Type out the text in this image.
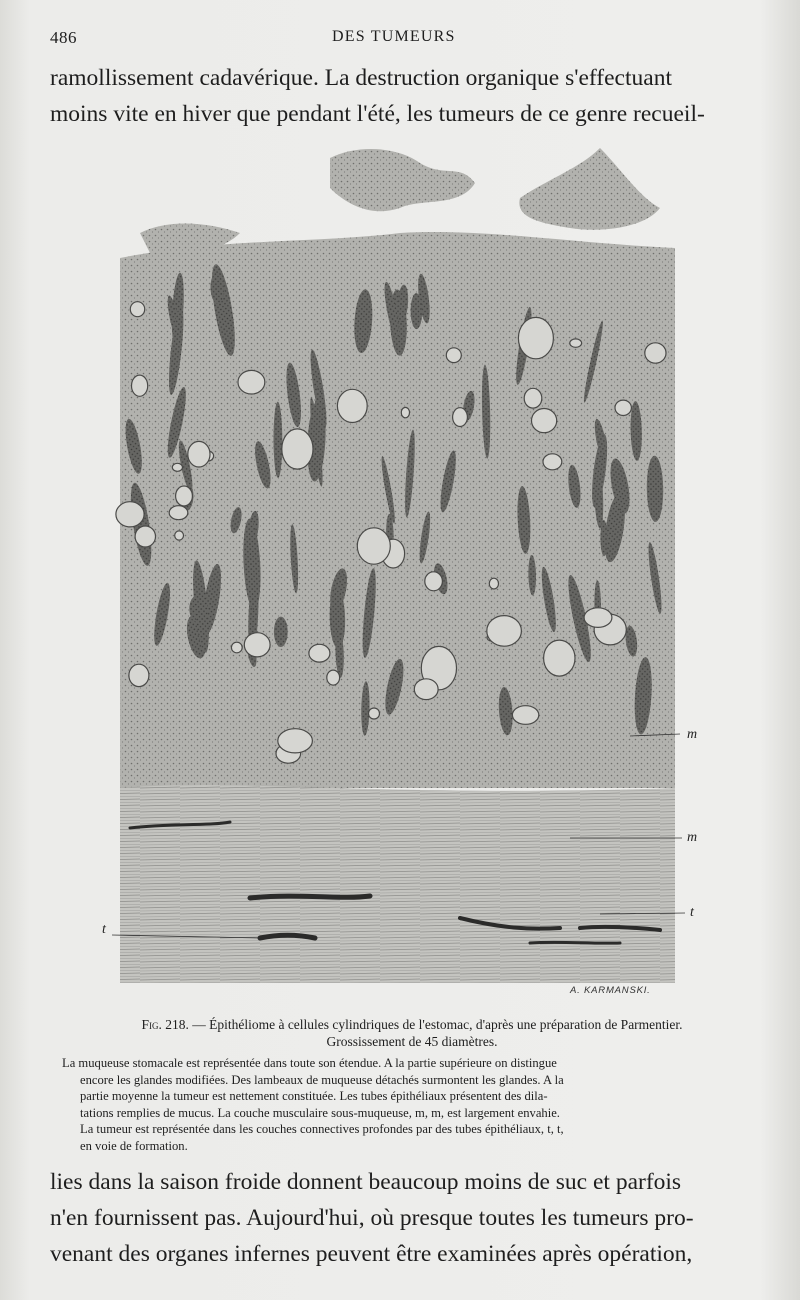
486	DES TUMEURS
ramollissement cadavérique. La destruction organique s'effectuant
moins vite en hiver que pendant l'été, les tumeurs de ce genre recueil-
m
m
t
t
A. KARMANSKI.
Fig. 218. — Épithéliome à cellules cylindriques de l'estomac, d'après une préparation de Parmentier.
Grossissement de 45 diamètres.
La muqueuse stomacale est représentée dans toute son étendue. A la partie supérieure on distingue
encore les glandes modifiées. Des lambeaux de muqueuse détachés surmontent les glandes. A la
partie moyenne la tumeur est nettement constituée. Les tubes épithéliaux présentent des dila-
tations remplies de mucus. La couche musculaire sous-muqueuse, m, m, est largement envahie.
La tumeur est représentée dans les couches connectives profondes par des tubes épithéliaux, t, t,
en voie de formation.
lies dans la saison froide donnent beaucoup moins de suc et parfois
n'en fournissent pas. Aujourd'hui, où presque toutes les tumeurs pro-
venant des organes infernes peuvent être examinées après opération,
